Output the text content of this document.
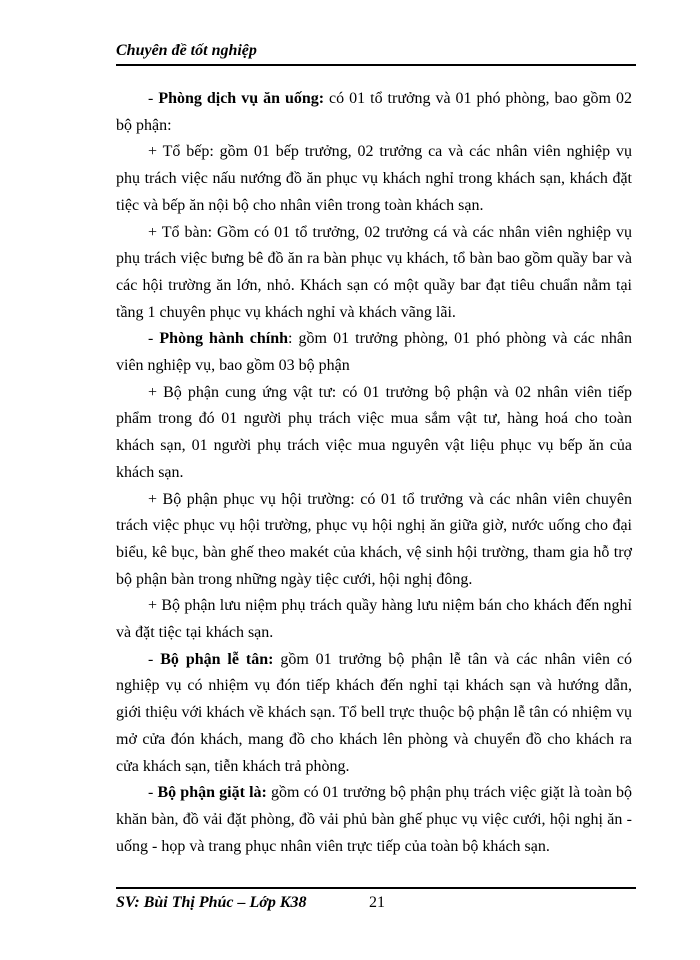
Chuyên đề tốt nghiệp

- Phòng dịch vụ ăn uống: có 01 tổ trưởng và 01 phó phòng, bao gồm 02 bộ phận:

+ Tổ bếp: gồm 01 bếp trưởng, 02 trưởng ca và các nhân viên nghiệp vụ phụ trách việc nấu nướng đồ ăn phục vụ khách nghỉ trong khách sạn, khách đặt tiệc và bếp ăn nội bộ cho nhân viên trong toàn khách sạn.

+ Tổ bàn: Gồm có 01 tổ trưởng, 02 trưởng cá và các nhân viên nghiệp vụ phụ trách việc bưng bê đồ ăn ra bàn phục vụ khách, tổ bàn bao gồm quầy bar và các hội trường ăn lớn, nhỏ. Khách sạn có một quầy bar đạt tiêu chuẩn nằm tại tầng 1 chuyên phục vụ khách nghỉ và khách vãng lãi.

- Phòng hành chính: gồm 01 trưởng phòng, 01 phó phòng và các nhân viên nghiệp vụ, bao gồm 03 bộ phận

+ Bộ phận cung ứng vật tư: có 01 trưởng bộ phận và 02 nhân viên tiếp phẩm trong đó 01 người phụ trách việc mua sắm vật tư, hàng hoá cho toàn khách sạn, 01 người phụ trách việc mua nguyên vật liệu phục vụ bếp ăn của khách sạn.

+ Bộ phận phục vụ hội trường: có 01 tổ trưởng và các nhân viên chuyên trách việc phục vụ hội trường, phục vụ hội nghị ăn giữa giờ, nước uống cho đại biểu, kê bục, bàn ghế theo makét của khách, vệ sinh hội trường, tham gia hỗ trợ bộ phận bàn trong những ngày tiệc cưới, hội nghị đông.

+ Bộ phận lưu niệm phụ trách quầy hàng lưu niệm bán cho khách đến nghỉ và đặt tiệc tại khách sạn.

- Bộ phận lễ tân: gồm 01 trưởng bộ phận lễ tân và các nhân viên có nghiệp vụ có nhiệm vụ đón tiếp khách đến nghỉ tại khách sạn và hướng dẫn, giới thiệu với khách về khách sạn. Tổ bell trực thuộc bộ phận lễ tân có nhiệm vụ mở cửa đón khách, mang đồ cho khách lên phòng và chuyển đồ cho khách ra cửa khách sạn, tiễn khách trả phòng.

- Bộ phận giặt là: gồm có 01 trưởng bộ phận phụ trách việc giặt là toàn bộ khăn bàn, đồ vải đặt phòng, đồ vải phủ bàn ghế phục vụ việc cưới, hội nghị ăn - uống - họp và trang phục nhân viên trực tiếp của toàn bộ khách sạn.

SV: Bùi Thị Phúc – Lớp K38	21
